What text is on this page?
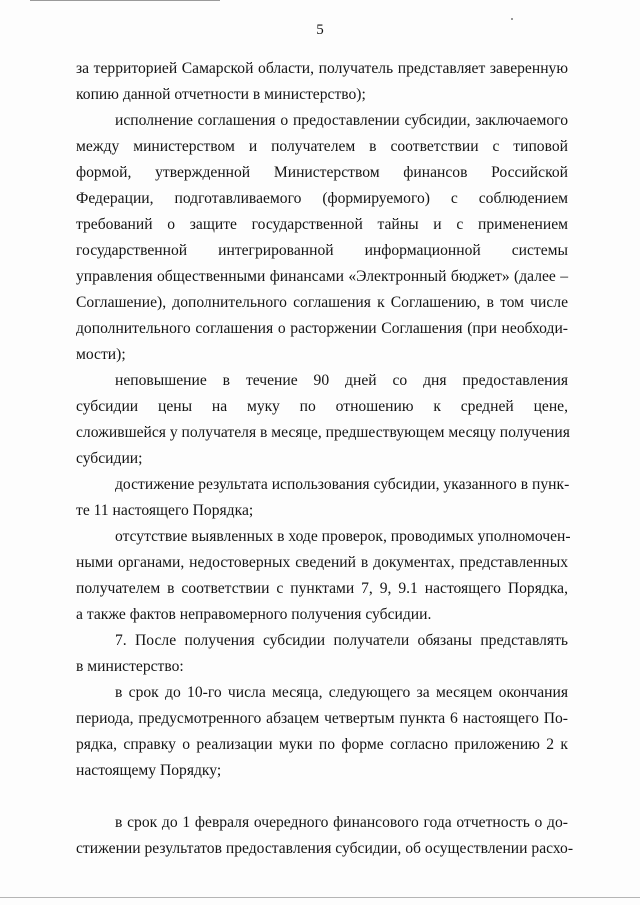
5
за территорией Самарской области, получатель представляет заверенную
копию данной отчетности в министерство);
исполнение соглашения о предоставлении субсидии, заключаемого
между министерством и получателем в соответствии с типовой
формой, утвержденной Министерством финансов Российской
Федерации, подготавливаемого (формируемого) с соблюдением
требований о защите государственной тайны и с применением
государственной интегрированной информационной системы
управления общественными финансами «Электронный бюджет» (далее –
Соглашение), дополнительного соглашения к Соглашению, в том числе
дополнительного соглашения о расторжении Соглашения (при необходи-
мости);
неповышение в течение 90 дней со дня предоставления
субсидии цены на муку по отношению к средней цене,
сложившейся у получателя в месяце, предшествующем месяцу получения
субсидии;
достижение результата использования субсидии, указанного в пунк-
те 11 настоящего Порядка;
отсутствие выявленных в ходе проверок, проводимых уполномочен-
ными органами, недостоверных сведений в документах, представленных
получателем в соответствии с пунктами 7, 9, 9.1 настоящего Порядка,
а также фактов неправомерного получения субсидии.
7. После получения субсидии получатели обязаны представлять
в министерство:
в срок до 10-го числа месяца, следующего за месяцем окончания
периода, предусмотренного абзацем четвертым пункта 6 настоящего По-
рядка, справку о реализации муки по форме согласно приложению 2 к
настоящему Порядку;
в срок до 1 февраля очередного финансового года отчетность о до-
стижении результатов предоставления субсидии, об осуществлении расхо-
